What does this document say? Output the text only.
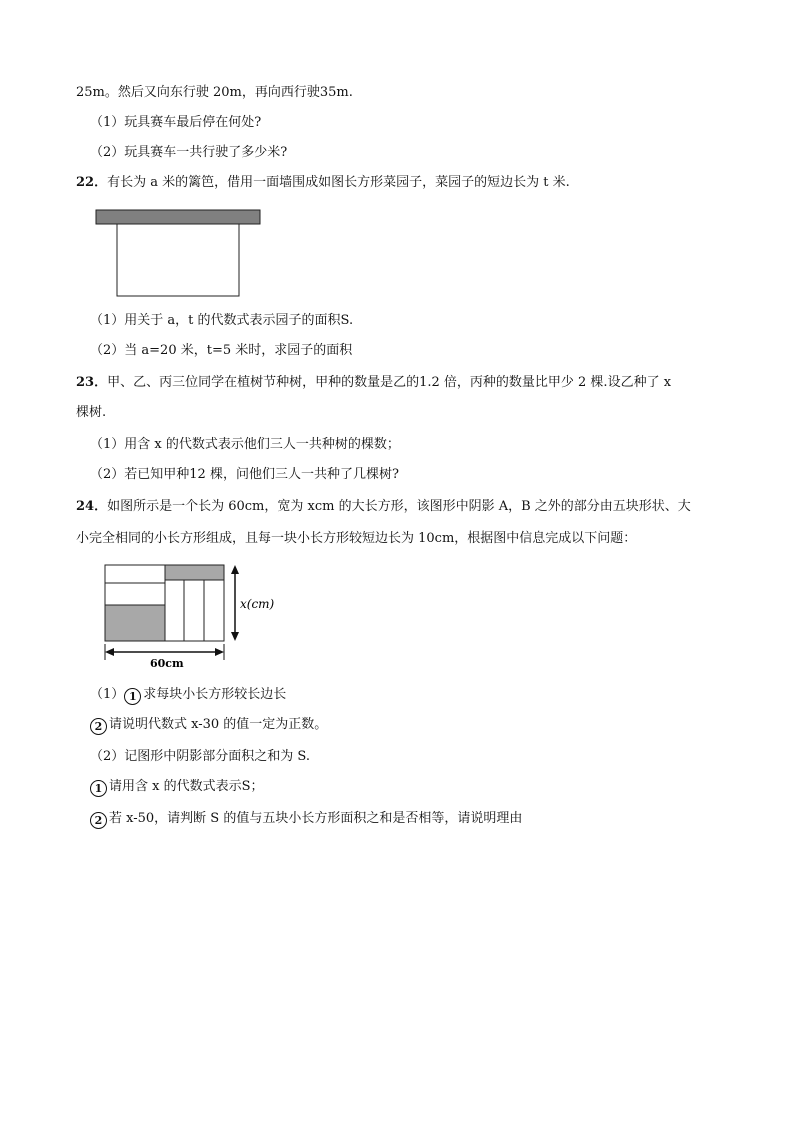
25m。然后又向东行驶 20m，再向西行驶35m.
（1）玩具赛车最后停在何处?
（2）玩具赛车一共行驶了多少米?
22．有长为 a 米的篱笆，借用一面墙围成如图长方形菜园子，菜园子的短边长为 t 米.
（1）用关于 a，t 的代数式表示园子的面积S.
（2）当 a=20 米，t=5 米时，求园子的面积
23．甲、乙、丙三位同学在植树节种树，甲种的数量是乙的1.2 倍，丙种的数量比甲少 2 棵.设乙种了 x
棵树.
（1）用含 x 的代数式表示他们三人一共种树的棵数；
（2）若已知甲种12 棵，问他们三人一共种了几棵树?
24．如图所示是一个长为 60cm，宽为 xcm 的大长方形，该图形中阴影 A，B 之外的部分由五块形状、大
小完全相同的小长方形组成，且每一块小长方形较短边长为 10cm，根据图中信息完成以下问题：
x(cm)
60cm
（1） 1 求每块小长方形较长边长
2 请说明代数式 x-30 的值一定为正数。
（2）记图形中阴影部分面积之和为 S.
1 请用含 x 的代数式表示S；
2 若 x-50，请判断 S 的值与五块小长方形面积之和是否相等，请说明理由
